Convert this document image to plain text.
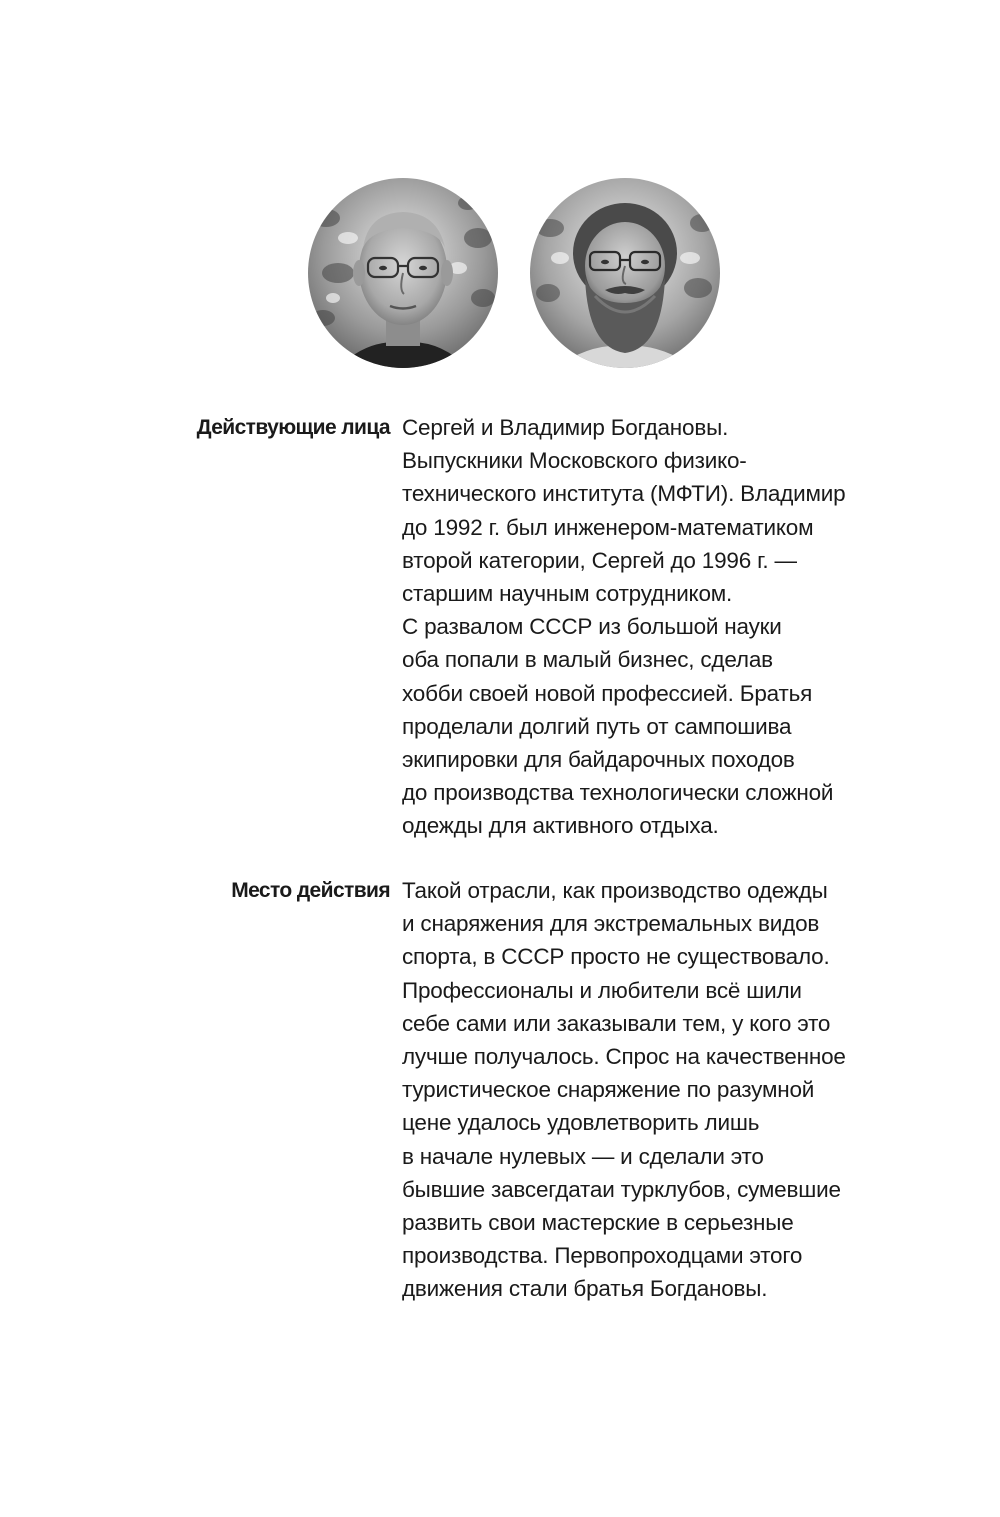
Действующие лица Сергей и Владимир Богдановы.
Выпускники Московского физико-
технического института (МФТИ). Владимир
до 1992 г. был инженером-математиком
второй категории, Сергей до 1996 г. —
старшим научным сотрудником.
С развалом СССР из большой науки
оба попали в малый бизнес, сделав
хобби своей новой профессией. Братья
проделали долгий путь от сампошива
экипировки для байдарочных походов
до производства технологически сложной
одежды для активного отдыха.
Место действия Такой отрасли, как производство одежды
и снаряжения для экстремальных видов
спорта, в СССР просто не существовало.
Профессионалы и любители всё шили
себе сами или заказывали тем, у кого это
лучше получалось. Спрос на качественное
туристическое снаряжение по разумной
цене удалось удовлетворить лишь
в начале нулевых — и сделали это
бывшие завсегдатаи турклубов, сумевшие
развить свои мастерские в серьезные
производства. Первопроходцами этого
движения стали братья Богдановы.
